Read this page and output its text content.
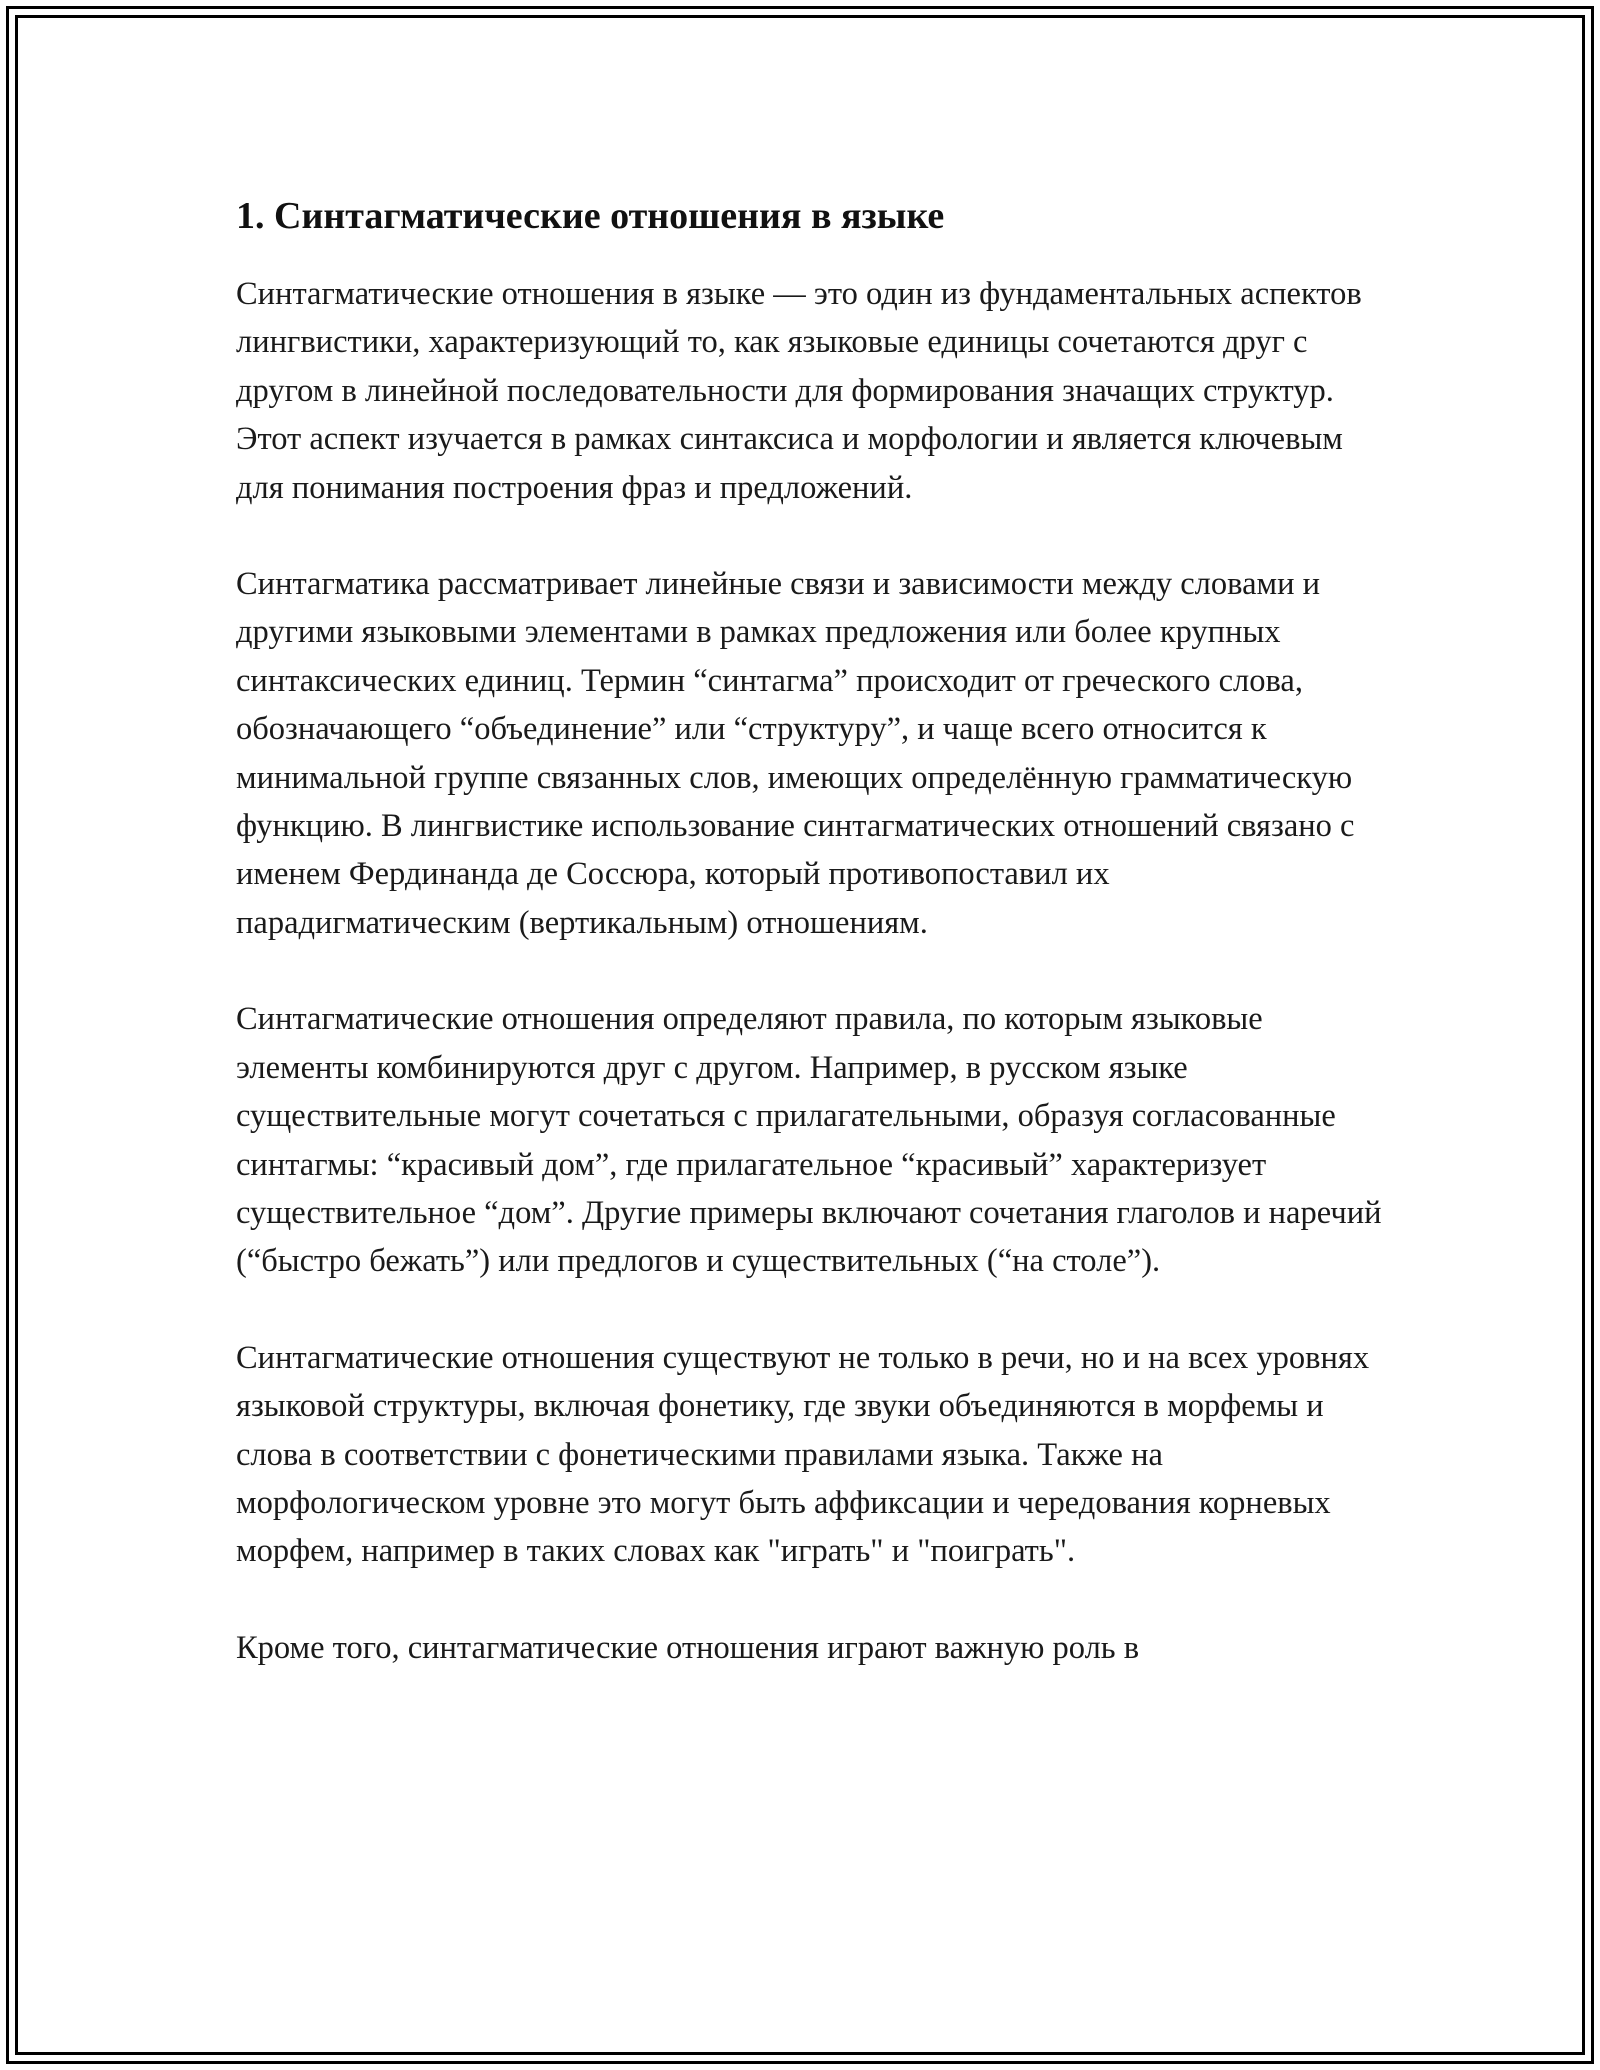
1. Синтагматические отношения в языке

Синтагматические отношения в языке — это один из фундаментальных аспектов лингвистики, характеризующий то, как языковые единицы сочетаются друг с другом в линейной последовательности для формирования значащих структур. Этот аспект изучается в рамках синтаксиса и морфологии и является ключевым для понимания построения фраз и предложений.

Синтагматика рассматривает линейные связи и зависимости между словами и другими языковыми элементами в рамках предложения или более крупных синтаксических единиц. Термин “синтагма” происходит от греческого слова, обозначающего “объединение” или “структуру”, и чаще всего относится к минимальной группе связанных слов, имеющих определённую грамматическую функцию. В лингвистике использование синтагматических отношений связано с именем Фердинанда де Соссюра, который противопоставил их парадигматическим (вертикальным) отношениям.

Синтагматические отношения определяют правила, по которым языковые элементы комбинируются друг с другом. Например, в русском языке существительные могут сочетаться с прилагательными, образуя согласованные синтагмы: “красивый дом”, где прилагательное “красивый” характеризует существительное “дом”. Другие примеры включают сочетания глаголов и наречий (“быстро бежать”) или предлогов и существительных (“на столе”).

Синтагматические отношения существуют не только в речи, но и на всех уровнях языковой структуры, включая фонетику, где звуки объединяются в морфемы и слова в соответствии с фонетическими правилами языка. Также на морфологическом уровне это могут быть аффиксации и чередования корневых морфем, например в таких словах как "играть" и "поиграть".

Кроме того, синтагматические отношения играют важную роль в
